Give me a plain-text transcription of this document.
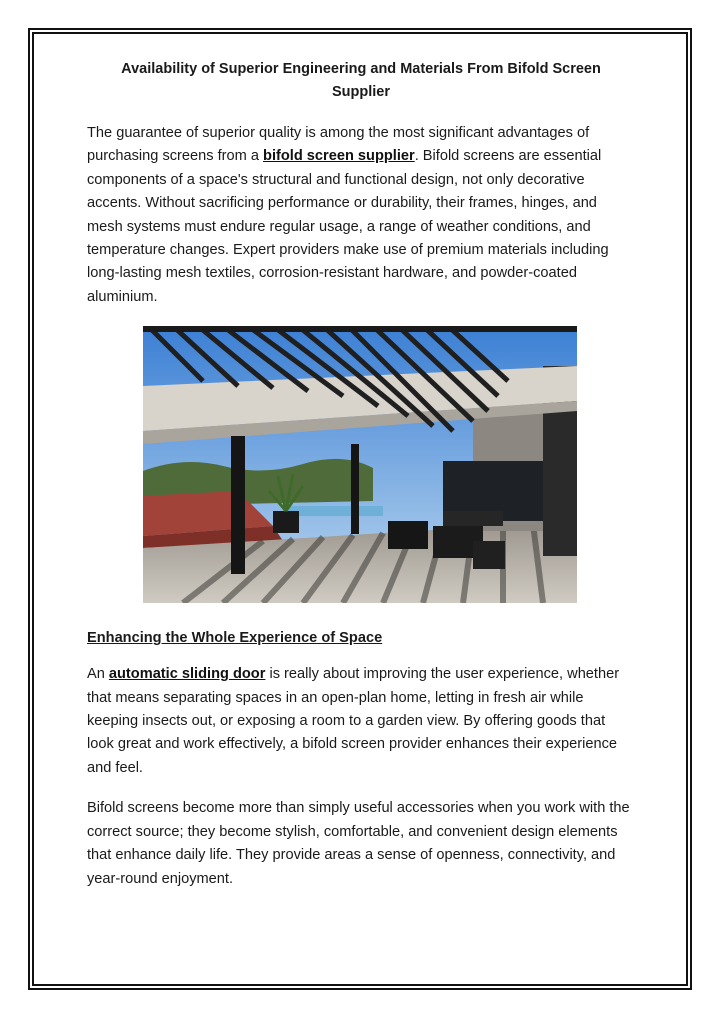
Availability of Superior Engineering and Materials From Bifold Screen Supplier

The guarantee of superior quality is among the most significant advantages of purchasing screens from a bifold screen supplier. Bifold screens are essential components of a space's structural and functional design, not only decorative accents. Without sacrificing performance or durability, their frames, hinges, and mesh systems must endure regular usage, a range of weather conditions, and temperature changes. Expert providers make use of premium materials including long-lasting mesh textiles, corrosion-resistant hardware, and powder-coated aluminium.

Enhancing the Whole Experience of Space

An automatic sliding door is really about improving the user experience, whether that means separating spaces in an open-plan home, letting in fresh air while keeping insects out, or exposing a room to a garden view. By offering goods that look great and work effectively, a bifold screen provider enhances their experience and feel.

Bifold screens become more than simply useful accessories when you work with the correct source; they become stylish, comfortable, and convenient design elements that enhance daily life. They provide areas a sense of openness, connectivity, and year-round enjoyment.
